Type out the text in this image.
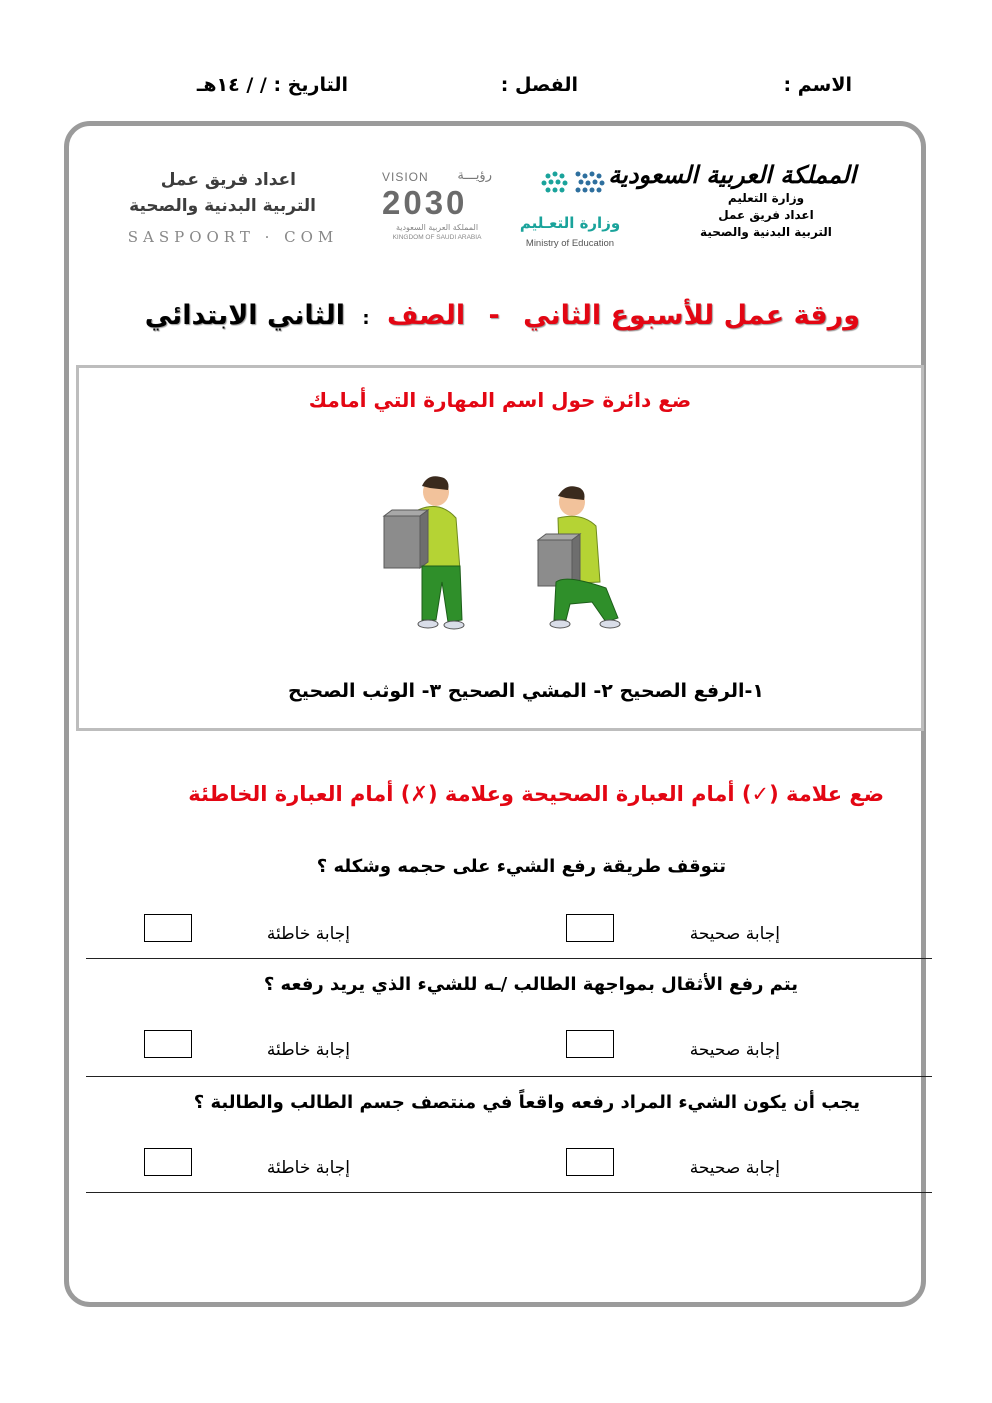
الاسم :
الفصل :
التاريخ : / / ١٤هـ
المملكة العربية السعودية
وزارة التعليم
اعداد فريق عمل
التربية البدنية والصحية
وزارة التعـليم
Ministry of Education
VISION رؤيـــة
2030
المملكة العربية السعودية
KINGDOM OF SAUDI ARABIA
اعداد فريق عمل
التربية البدنية والصحية
SASPOORT · COM
ورقة عمل للأسبوع الثاني - الصف : الثاني الابتدائي
ضع دائرة حول اسم المهارة التي أمامك
١-الرفع الصحيح ٢- المشي الصحيح ٣- الوثب الصحيح
ضع علامة (✓) أمام العبارة الصحيحة وعلامة (✗) أمام العبارة الخاطئة
تتوقف طريقة رفع الشيء على حجمه وشكله ؟
إجابة صحيحة
إجابة خاطئة
يتم رفع الأثقال بمواجهة الطالب /ـه للشيء الذي يريد رفعه ؟
إجابة صحيحة
إجابة خاطئة
يجب أن يكون الشيء المراد رفعه واقعاً في منتصف جسم الطالب والطالبة ؟
إجابة صحيحة
إجابة خاطئة
